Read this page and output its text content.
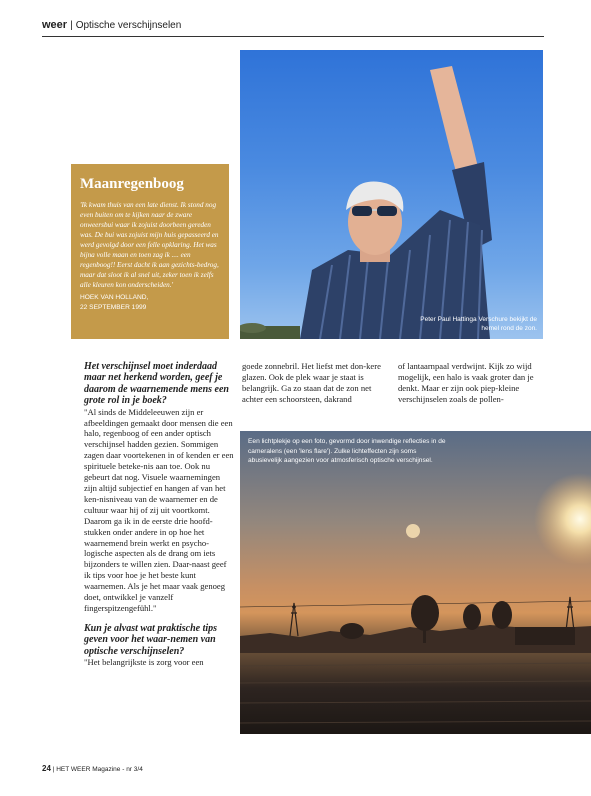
weer | Optische verschijnselen
Peter Paul Hattinga Verschure bekijkt de hemel rond de zon.
Maanregenboog
'Ik kwam thuis van een late dienst. Ik stond nog even buiten om te kijken naar de zware onweersbui waar ik zojuist doorbeen gereden was. De bui was zojuist mijn huis gepasseerd en werd gevolgd door een felle opklaring. Het was bijna volle maan en toen zag ik .... een regenboog!! Eerst dacht ik aan gezichts-bedrog, maar dat sloot ik al snel uit, zeker toen ik zelfs alle kleuren kon onderscheiden.'
HOEK VAN HOLLAND,
22 SEPTEMBER 1999

Het verschijnsel moet inderdaad maar net herkend worden, geef je daarom de waarnemende mens een grote rol in je boek?

"Al sinds de Middeleeuwen zijn er afbeeldingen gemaakt door mensen die een halo, regenboog of een ander optisch verschijnsel hadden gezien. Sommigen zagen daar voortekenen in of kenden er een spirituele beteke-nis aan toe. Ook nu gebeurt dat nog. Visuele waarnemingen zijn altijd subjectief en hangen af van het ken-nisniveau van de waarnemer en de cultuur waar hij of zij uit voortkomt. Daarom ga ik in de eerste drie hoofd-stukken onder andere in op hoe het waarnemend brein werkt en psycho-logische aspecten als de drang om iets bijzonders te willen zien. Daar-naast geef ik tips voor hoe je het beste kunt waarnemen. Als je het maar vaak genoeg doet, ontwikkel je vanzelf fingerspitzengefühl."

Kun je alvast wat praktische tips geven voor het waar-nemen van optische verschijnselen?

"Het belangrijkste is zorg voor een

goede zonnebril. Het liefst met don-kere glazen. Ook de plek waar je staat is belangrijk. Ga zo staan dat de zon net achter een schoorsteen, dakrand

of lantaarnpaal verdwijnt. Kijk zo wijd mogelijk, een halo is vaak groter dan je denkt. Maar er zijn ook piep-kleine verschijnselen zoals de pollen-

Een lichtplekje op een foto, gevormd door inwendige reflecties in de cameralens (een 'lens flare'). Zulke lichteffecten zijn soms abusievelijk aangezien voor atmosferisch optische verschijnsel.
24 | HET WEER Magazine - nr 3/4
